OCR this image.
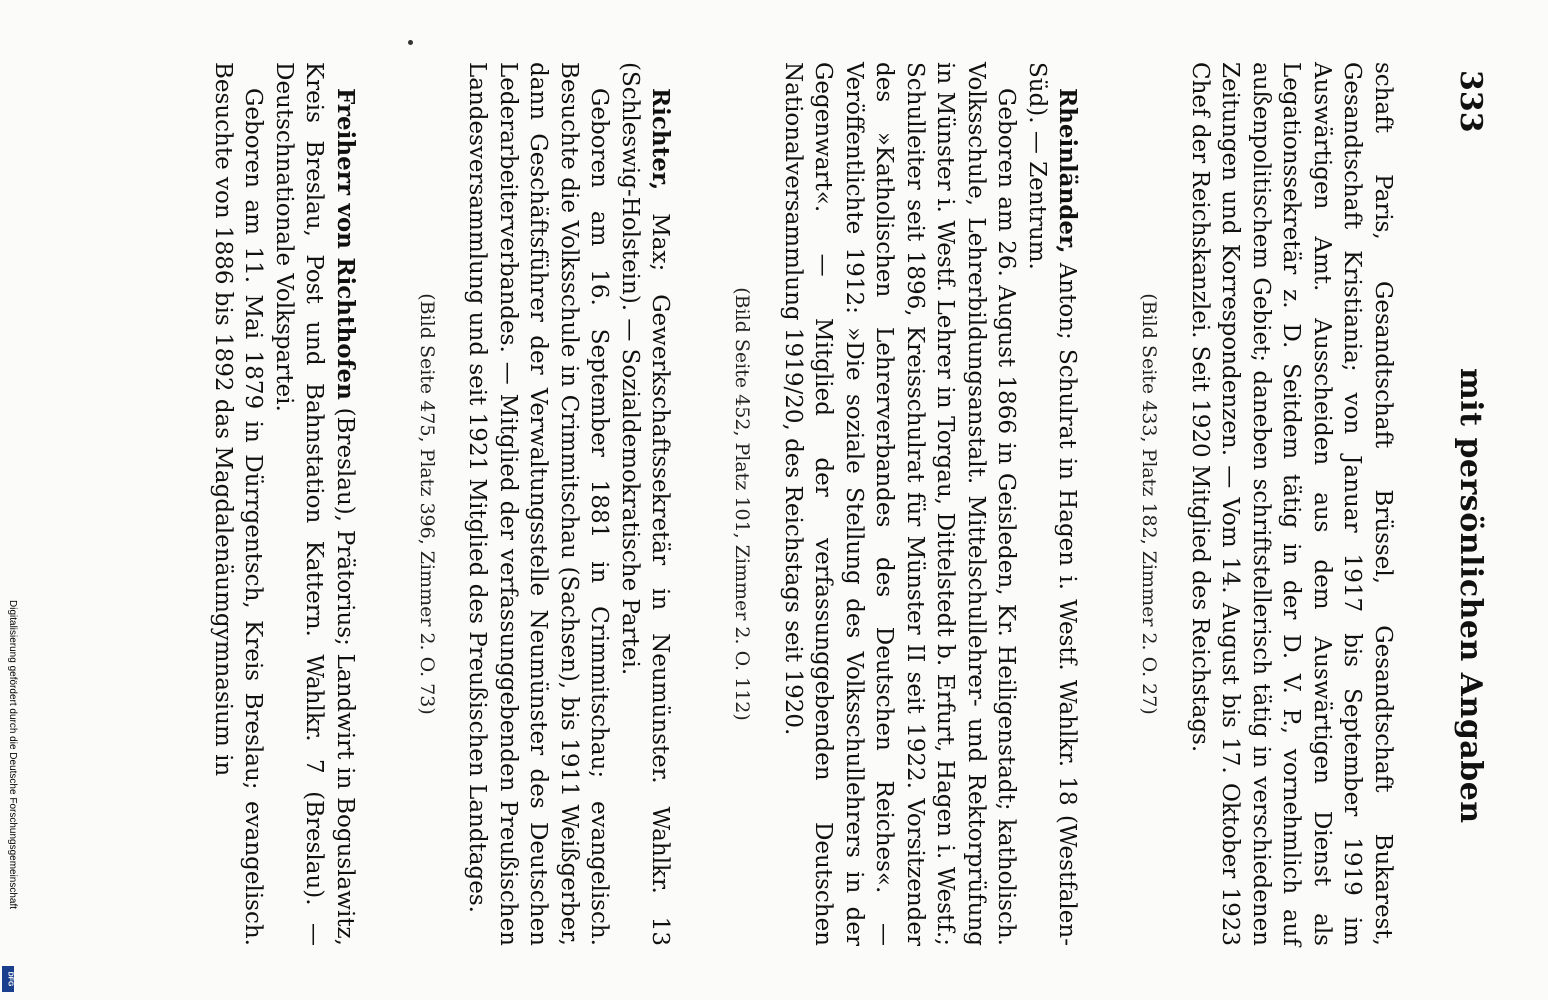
Digitalisierung gefördert durch die Deutsche Forschungsgemeinschaft
DFG
333
mit persönlichen Angaben

schaft Paris, Gesandtschaft Brüssel, Gesandtschaft Bukarest, Gesandtschaft Kristiania; von Januar 1917 bis September 1919 im Auswärtigen Amt. Ausscheiden aus dem Auswärtigen Dienst als Legationssekretär z. D. Seitdem tätig in der D. V. P., vornehmlich auf außenpolitischem Gebiet; daneben schriftstellerisch tätig in verschiedenen Zeitungen und Korrespondenzen. — Vom 14. August bis 17. Oktober 1923 Chef der Reichskanzlei. Seit 1920 Mitglied des Reichstags.

(Bild Seite 433, Platz 182, Zimmer 2. O. 27)

Rheinländer, Anton; Schulrat in Hagen i. Westf. Wahlkr. 18 (Westfalen-Süd). — Zentrum.

Geboren am 26. August 1866 in Geisleden, Kr. Heiligenstadt; katholisch. Volksschule, Lehrerbildungsanstalt. Mittelschullehrer- und Rektorprüfung in Münster i. Westf. Lehrer in Torgau, Dittelstedt b. Erfurt, Hagen i. Westf.; Schulleiter seit 1896, Kreisschulrat für Münster II seit 1922. Vorsitzender des »Katholischen Lehrerverbandes des Deutschen Reiches«. — Veröffentlichte 1912: »Die soziale Stellung des Volksschullehrers in der Gegenwart«. — Mitglied der verfassunggebenden Deutschen Nationalversammlung 1919/20, des Reichstags seit 1920.

(Bild Seite 452, Platz 101, Zimmer 2. O. 112)

Richter, Max; Gewerkschaftssekretär in Neumünster. Wahlkr. 13 (Schleswig-Holstein). — Sozialdemokratische Partei.

Geboren am 16. September 1881 in Crimmitschau; evangelisch. Besuchte die Volksschule in Crimmitschau (Sachsen), bis 1911 Weißgerber, dann Geschäftsführer der Verwaltungsstelle Neumünster des Deutschen Lederarbeiterverbandes. — Mitglied der verfassunggebenden Preußischen Landesversammlung und seit 1921 Mitglied des Preußischen Landtages.

(Bild Seite 475, Platz 396, Zimmer 2. O. 73)

Freiherr von Richthofen (Breslau), Prätorius; Landwirt in Boguslawitz, Kreis Breslau, Post und Bahnstation Kattern. Wahlkr. 7 (Breslau). — Deutschnationale Volkspartei.

Geboren am 11. Mai 1879 in Dürrgentsch, Kreis Breslau; evangelisch. Besuchte von 1886 bis 1892 das Magdalenäumgymnasium in
